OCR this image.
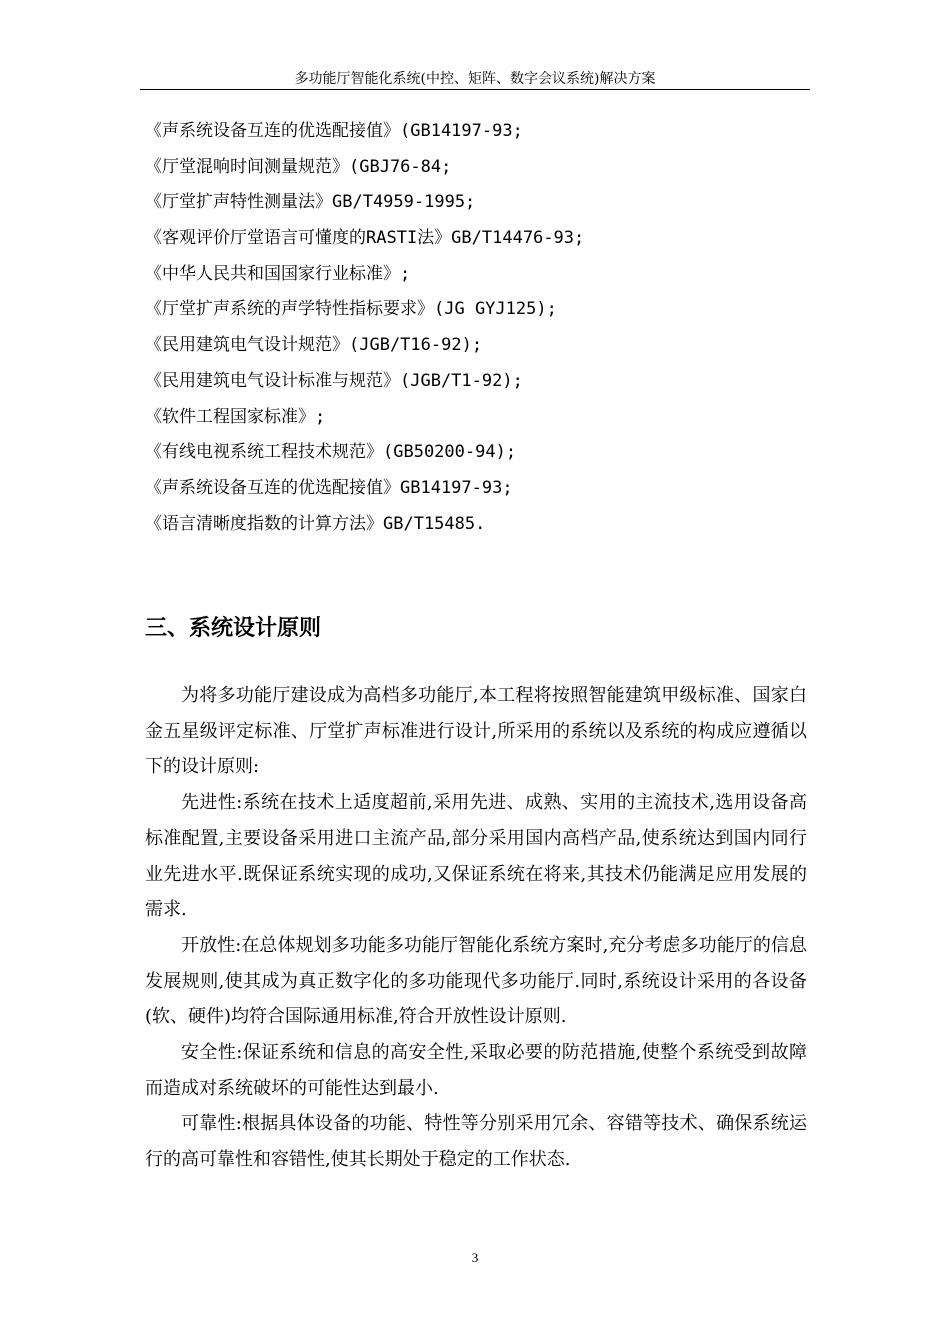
多功能厅智能化系统(中控、矩阵、数字会议系统)解决方案
《声系统设备互连的优选配接值》(GB14197-93;
《厅堂混响时间测量规范》(GBJ76-84;
《厅堂扩声特性测量法》GB/T4959-1995;
《客观评价厅堂语言可懂度的RASTI法》GB/T14476-93;
《中华人民共和国国家行业标准》;
《厅堂扩声系统的声学特性指标要求》(JG GYJ125);
《民用建筑电气设计规范》(JGB/T16-92);
《民用建筑电气设计标准与规范》(JGB/T1-92);
《软件工程国家标准》;
《有线电视系统工程技术规范》(GB50200-94);
《声系统设备互连的优选配接值》GB14197-93;
《语言清晰度指数的计算方法》GB/T15485.
三、系统设计原则

为将多功能厅建设成为高档多功能厅,本工程将按照智能建筑甲级标准、国家白金五星级评定标准、厅堂扩声标准进行设计,所采用的系统以及系统的构成应遵循以下的设计原则:

先进性:系统在技术上适度超前,采用先进、成熟、实用的主流技术,选用设备高标准配置,主要设备采用进口主流产品,部分采用国内高档产品,使系统达到国内同行业先进水平.既保证系统实现的成功,又保证系统在将来,其技术仍能满足应用发展的需求.

开放性:在总体规划多功能多功能厅智能化系统方案时,充分考虑多功能厅的信息发展规则,使其成为真正数字化的多功能现代多功能厅.同时,系统设计采用的各设备(软、硬件)均符合国际通用标准,符合开放性设计原则.

安全性:保证系统和信息的高安全性,采取必要的防范措施,使整个系统受到故障而造成对系统破坏的可能性达到最小.

可靠性:根据具体设备的功能、特性等分别采用冗余、容错等技术、确保系统运行的高可靠性和容错性,使其长期处于稳定的工作状态.

3
